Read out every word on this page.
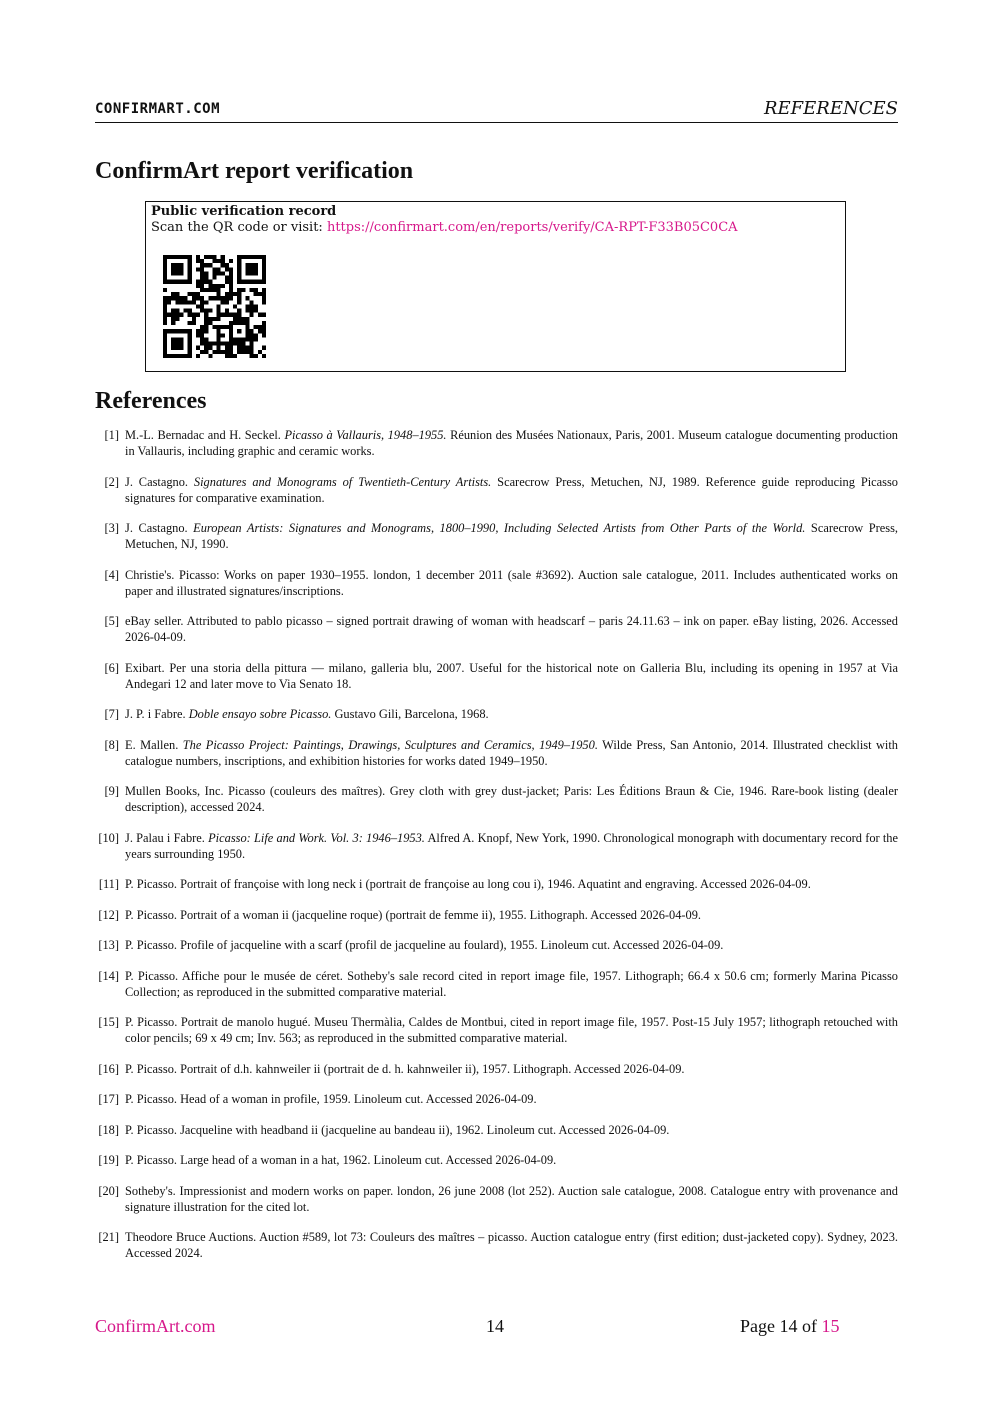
CONFIRMART.COM	REFERENCES
ConfirmArt report verification
Public verification record
Scan the QR code or visit: https://confirmart.com/en/reports/verify/CA-RPT-F33B05C0CA
References
[1] M.-L. Bernadac and H. Seckel. Picasso à Vallauris, 1948–1955. Réunion des Musées Nationaux, Paris, 2001. Museum catalogue documenting production in Vallauris, including graphic and ceramic works.
[2] J. Castagno. Signatures and Monograms of Twentieth-Century Artists. Scarecrow Press, Metuchen, NJ, 1989. Reference guide reproducing Picasso signatures for comparative examination.
[3] J. Castagno. European Artists: Signatures and Monograms, 1800–1990, Including Selected Artists from Other Parts of the World. Scarecrow Press, Metuchen, NJ, 1990.
[4] Christie's. Picasso: Works on paper 1930–1955. london, 1 december 2011 (sale #3692). Auction sale catalogue, 2011. Includes authenticated works on paper and illustrated signatures/inscriptions.
[5] eBay seller. Attributed to pablo picasso – signed portrait drawing of woman with headscarf – paris 24.11.63 – ink on paper. eBay listing, 2026. Accessed 2026-04-09.
[6] Exibart. Per una storia della pittura — milano, galleria blu, 2007. Useful for the historical note on Galleria Blu, including its opening in 1957 at Via Andegari 12 and later move to Via Senato 18.
[7] J. P. i Fabre. Doble ensayo sobre Picasso. Gustavo Gili, Barcelona, 1968.
[8] E. Mallen. The Picasso Project: Paintings, Drawings, Sculptures and Ceramics, 1949–1950. Wilde Press, San Antonio, 2014. Illustrated checklist with catalogue numbers, inscriptions, and exhibition histories for works dated 1949–1950.
[9] Mullen Books, Inc. Picasso (couleurs des maîtres). Grey cloth with grey dust-jacket; Paris: Les Éditions Braun & Cie, 1946. Rare-book listing (dealer description), accessed 2024.
[10] J. Palau i Fabre. Picasso: Life and Work. Vol. 3: 1946–1953. Alfred A. Knopf, New York, 1990. Chronological monograph with documentary record for the years surrounding 1950.
[11] P. Picasso. Portrait of françoise with long neck i (portrait de françoise au long cou i), 1946. Aquatint and engraving. Accessed 2026-04-09.
[12] P. Picasso. Portrait of a woman ii (jacqueline roque) (portrait de femme ii), 1955. Lithograph. Accessed 2026-04-09.
[13] P. Picasso. Profile of jacqueline with a scarf (profil de jacqueline au foulard), 1955. Linoleum cut. Accessed 2026-04-09.
[14] P. Picasso. Affiche pour le musée de céret. Sotheby's sale record cited in report image file, 1957. Lithograph; 66.4 x 50.6 cm; formerly Marina Picasso Collection; as reproduced in the submitted comparative material.
[15] P. Picasso. Portrait de manolo hugué. Museu Thermàlia, Caldes de Montbui, cited in report image file, 1957. Post-15 July 1957; lithograph retouched with color pencils; 69 x 49 cm; Inv. 563; as reproduced in the submitted comparative material.
[16] P. Picasso. Portrait of d.h. kahnweiler ii (portrait de d. h. kahnweiler ii), 1957. Lithograph. Accessed 2026-04-09.
[17] P. Picasso. Head of a woman in profile, 1959. Linoleum cut. Accessed 2026-04-09.
[18] P. Picasso. Jacqueline with headband ii (jacqueline au bandeau ii), 1962. Linoleum cut. Accessed 2026-04-09.
[19] P. Picasso. Large head of a woman in a hat, 1962. Linoleum cut. Accessed 2026-04-09.
[20] Sotheby's. Impressionist and modern works on paper. london, 26 june 2008 (lot 252). Auction sale catalogue, 2008. Catalogue entry with provenance and signature illustration for the cited lot.
[21] Theodore Bruce Auctions. Auction #589, lot 73: Couleurs des maîtres – picasso. Auction catalogue entry (first edition; dust-jacketed copy). Sydney, 2023. Accessed 2024.
ConfirmArt.com	14	Page 14 of 15
